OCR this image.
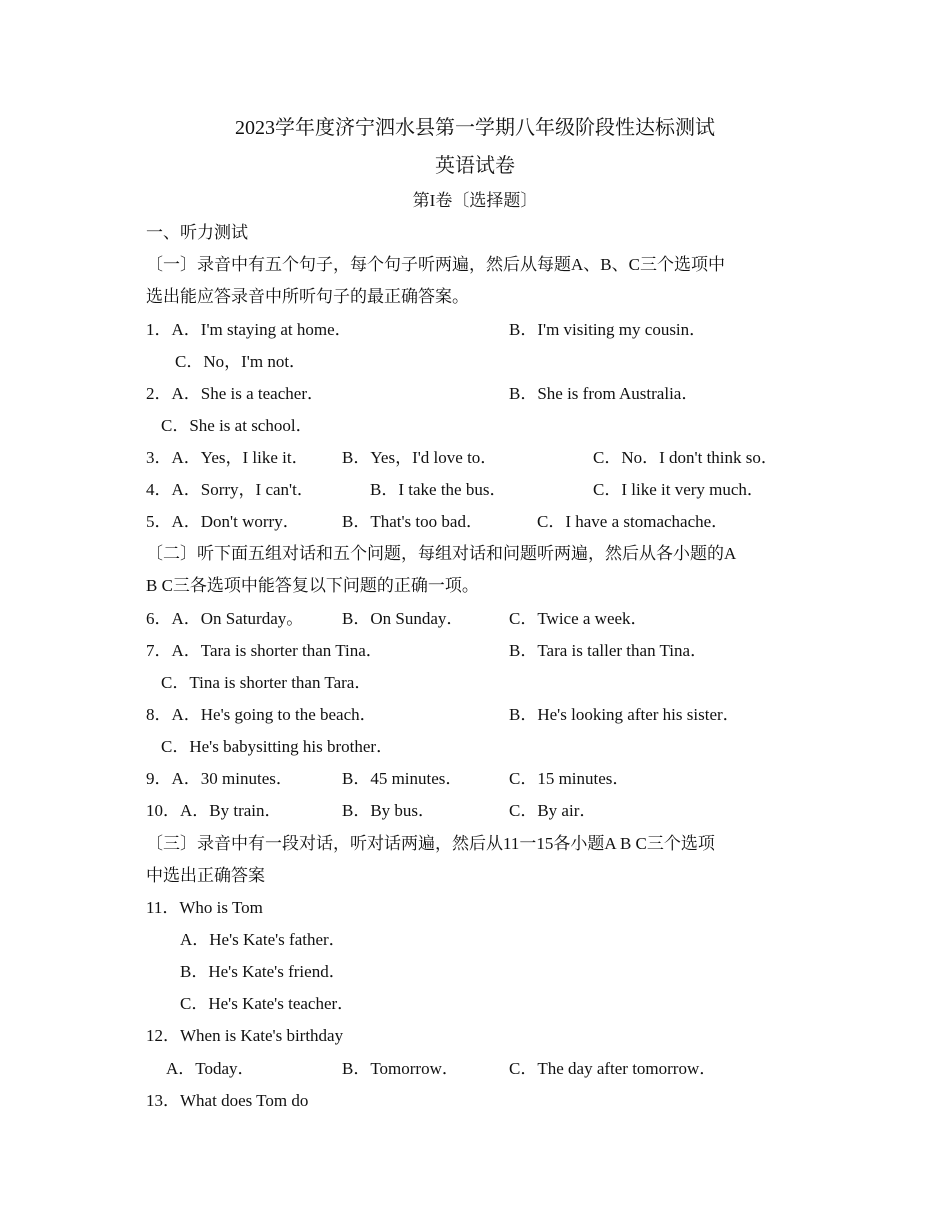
2023学年度济宁泗水县第一学期八年级阶段性达标测试
英语试卷
第I卷〔选择题〕
一、听力测试
〔一〕录音中有五个句子，每个句子听两遍，然后从每题A、B、C三个选项中
选出能应答录音中所听句子的最正确答案。
1．A．I'm staying at home．	B．I'm visiting my cousin．
C．No，I'm not．
2．A．She is a teacher．	B．She is from Australia．
C．She is at school．
3．A．Yes，I like it． B．Yes，I'd love to．	C．No．I don't think so．
4．A．Sorry，I can't．	B．I take the bus．	C．I like it very much．
5．A．Don't worry． B．That's too bad．	C．I have a stomachache．
〔二〕听下面五组对话和五个问题，每组对话和问题听两遍，然后从各小题的A
B C三各选项中能答复以下问题的正确一项。
6．A．On Saturday。 B．On Sunday．	C．Twice a week．
7．A．Tara is shorter than Tina．	B．Tara is taller than Tina．
C．Tina is shorter than Tara．
8．A．He's going to the beach．	B．He's looking after his sister．
C．He's babysitting his brother．
9．A．30 minutes．	B．45 minutes．	C．15 minutes．
10．A．By train．	B．By bus．	C．By air．
〔三〕录音中有一段对话，听对话两遍，然后从11一15各小题A B C三个选项
中选出正确答案
11．Who is Tom
A．He's Kate's father．
B．He's Kate's friend．
C．He's Kate's teacher．
12．When is Kate's birthday
A．Today．	B．Tomorrow．	C．The day after tomorrow．
13．What does Tom do
